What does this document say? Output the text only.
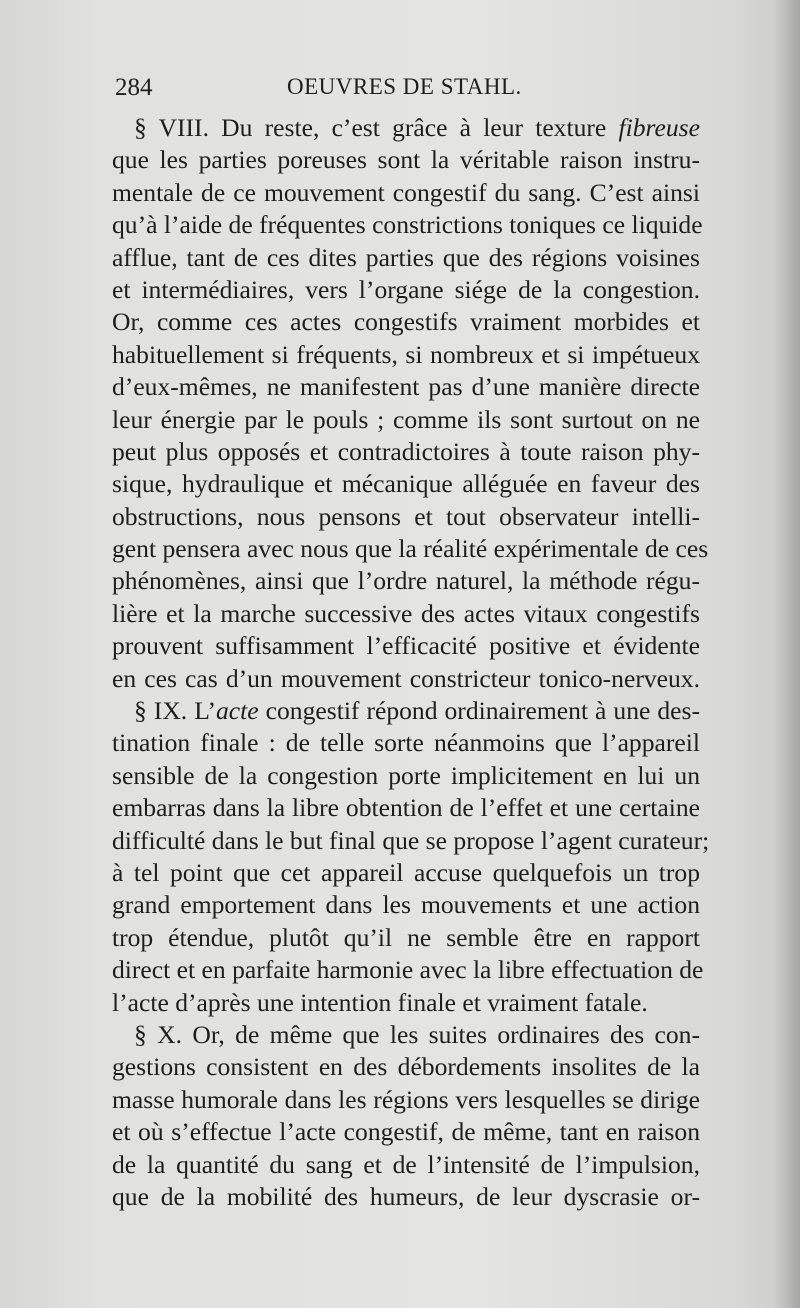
284	OEUVRES DE STAHL.
§ VIII. Du reste, c’est grâce à leur texture fibreuse
que les parties poreuses sont la véritable raison instru-
mentale de ce mouvement congestif du sang. C’est ainsi
qu’à l’aide de fréquentes constrictions toniques ce liquide
afflue, tant de ces dites parties que des régions voisines
et intermédiaires, vers l’organe siége de la congestion.
Or, comme ces actes congestifs vraiment morbides et
habituellement si fréquents, si nombreux et si impétueux
d’eux-mêmes, ne manifestent pas d’une manière directe
leur énergie par le pouls ; comme ils sont surtout on ne
peut plus opposés et contradictoires à toute raison phy-
sique, hydraulique et mécanique alléguée en faveur des
obstructions, nous pensons et tout observateur intelli-
gent pensera avec nous que la réalité expérimentale de ces
phénomènes, ainsi que l’ordre naturel, la méthode régu-
lière et la marche successive des actes vitaux congestifs
prouvent suffisamment l’efficacité positive et évidente
en ces cas d’un mouvement constricteur tonico-nerveux.
§ IX. L’acte congestif répond ordinairement à une des-
tination finale : de telle sorte néanmoins que l’appareil
sensible de la congestion porte implicitement en lui un
embarras dans la libre obtention de l’effet et une certaine
difficulté dans le but final que se propose l’agent curateur;
à tel point que cet appareil accuse quelquefois un trop
grand emportement dans les mouvements et une action
trop étendue, plutôt qu’il ne semble être en rapport
direct et en parfaite harmonie avec la libre effectuation de
l’acte d’après une intention finale et vraiment fatale.
§ X. Or, de même que les suites ordinaires des con-
gestions consistent en des débordements insolites de la
masse humorale dans les régions vers lesquelles se dirige
et où s’effectue l’acte congestif, de même, tant en raison
de la quantité du sang et de l’intensité de l’impulsion,
que de la mobilité des humeurs, de leur dyscrasie or-
